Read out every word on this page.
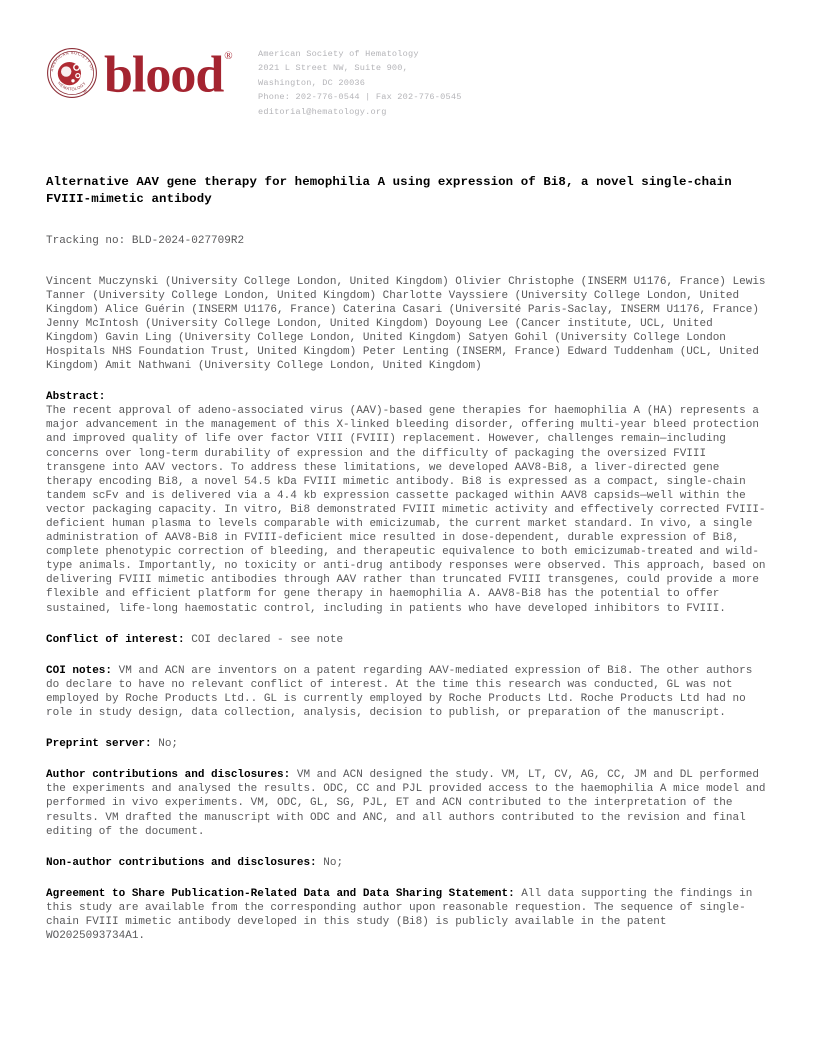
AMERICAN SOCIETY OF
HEMATOLOGY
® blood®	American Society of Hematology
2021 L Street NW, Suite 900,
Washington, DC 20036
Phone: 202-776-0544 | Fax 202-776-0545
editorial@hematology.org
Alternative AAV gene therapy for hemophilia A using expression of Bi8, a novel single-chain FVIII-mimetic antibody

Tracking no: BLD-2024-027709R2

Vincent Muczynski (University College London, United Kingdom) Olivier Christophe (INSERM U1176, France) Lewis Tanner (University College London, United Kingdom) Charlotte Vayssiere (University College London, United Kingdom) Alice Guérin (INSERM U1176, France) Caterina Casari (Université Paris-Saclay, INSERM U1176, France) Jenny McIntosh (University College London, United Kingdom) Doyoung Lee (Cancer institute, UCL, United Kingdom) Gavin Ling (University College London, United Kingdom) Satyen Gohil (University College London Hospitals NHS Foundation Trust, United Kingdom) Peter Lenting (INSERM, France) Edward Tuddenham (UCL, United Kingdom) Amit Nathwani (University College London, United Kingdom)

Abstract:

The recent approval of adeno-associated virus (AAV)-based gene therapies for haemophilia A (HA) represents a major advancement in the management of this X-linked bleeding disorder, offering multi-year bleed protection and improved quality of life over factor VIII (FVIII) replacement. However, challenges remain—including concerns over long-term durability of expression and the difficulty of packaging the oversized FVIII transgene into AAV vectors. To address these limitations, we developed AAV8-Bi8, a liver-directed gene therapy encoding Bi8, a novel 54.5 kDa FVIII mimetic antibody. Bi8 is expressed as a compact, single-chain tandem scFv and is delivered via a 4.4 kb expression cassette packaged within AAV8 capsids—well within the vector packaging capacity. In vitro, Bi8 demonstrated FVIII mimetic activity and effectively corrected FVIII-deficient human plasma to levels comparable with emicizumab, the current market standard. In vivo, a single administration of AAV8-Bi8 in FVIII-deficient mice resulted in dose-dependent, durable expression of Bi8, complete phenotypic correction of bleeding, and therapeutic equivalence to both emicizumab-treated and wild-type animals. Importantly, no toxicity or anti-drug antibody responses were observed. This approach, based on delivering FVIII mimetic antibodies through AAV rather than truncated FVIII transgenes, could provide a more flexible and efficient platform for gene therapy in haemophilia A. AAV8-Bi8 has the potential to offer sustained, life-long haemostatic control, including in patients who have developed inhibitors to FVIII.

Conflict of interest: COI declared - see note

COI notes: VM and ACN are inventors on a patent regarding AAV-mediated expression of Bi8. The other authors do declare to have no relevant conflict of interest. At the time this research was conducted, GL was not employed by Roche Products Ltd.. GL is currently employed by Roche Products Ltd. Roche Products Ltd had no role in study design, data collection, analysis, decision to publish, or preparation of the manuscript.

Preprint server: No;

Author contributions and disclosures: VM and ACN designed the study. VM, LT, CV, AG, CC, JM and DL performed the experiments and analysed the results. ODC, CC and PJL provided access to the haemophilia A mice model and performed in vivo experiments. VM, ODC, GL, SG, PJL, ET and ACN contributed to the interpretation of the results. VM drafted the manuscript with ODC and ANC, and all authors contributed to the revision and final editing of the document.

Non-author contributions and disclosures: No;

Agreement to Share Publication-Related Data and Data Sharing Statement: All data supporting the findings in this study are available from the corresponding author upon reasonable requestion. The sequence of single-chain FVIII mimetic antibody developed in this study (Bi8) is publicly available in the patent WO2025093734A1.
